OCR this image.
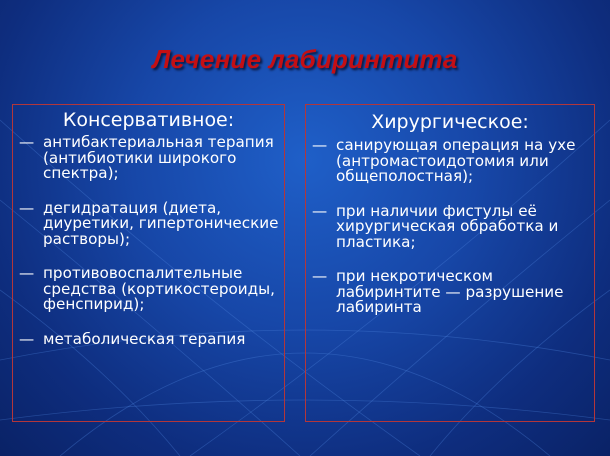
Лечение лабиринтита
Консервативное:
— антибактериальная терапия (антибиотики широкого спектра);
— дегидратация (диета, диуретики, гипертонические растворы);
— противовоспалительные средства (кортикостероиды, фенспирид);
— метаболическая терапия
Хирургическое:
— санирующая операция на ухе (антромастоидотомия или общеполостная);
— при наличии фистулы её хирургическая обработка и пластика;
— при некротическом лабиринтите — разрушение лабиринта
